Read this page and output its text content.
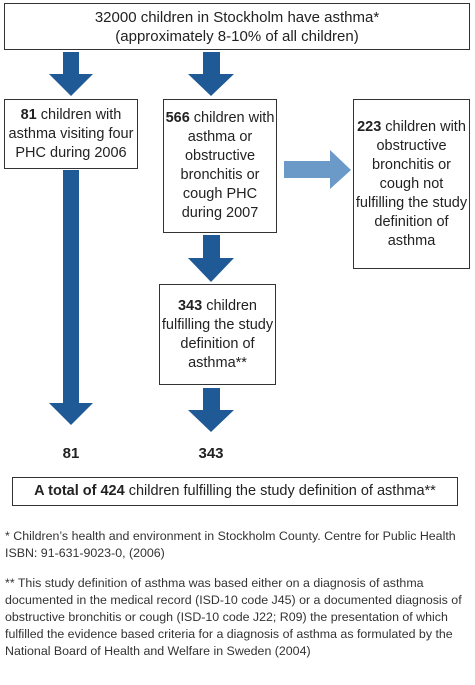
32000 children in Stockholm have asthma*
(approximately 8-10% of all children)
81 children with asthma visiting four PHC during 2006
566 children with asthma or obstructive bronchitis or cough PHC during 2007
223 children with obstructive bronchitis or cough not fulfilling the study definition of asthma
343 children fulfilling the study definition of asthma**
81	343
A total of 424 children fulfilling the study definition of asthma**
* Children’s health and environment in Stockholm County. Centre for Public Health ISBN: 91-631-9023-0, (2006)
** This study definition of asthma was based either on a diagnosis of asthma documented in the medical record (ISD-10 code J45) or a documented diagnosis of obstructive bronchitis or cough (ISD-10 code J22; R09) the presentation of which fulfilled the evidence based criteria for a diagnosis of asthma as formulated by the National Board of Health and Welfare in Sweden (2004)
